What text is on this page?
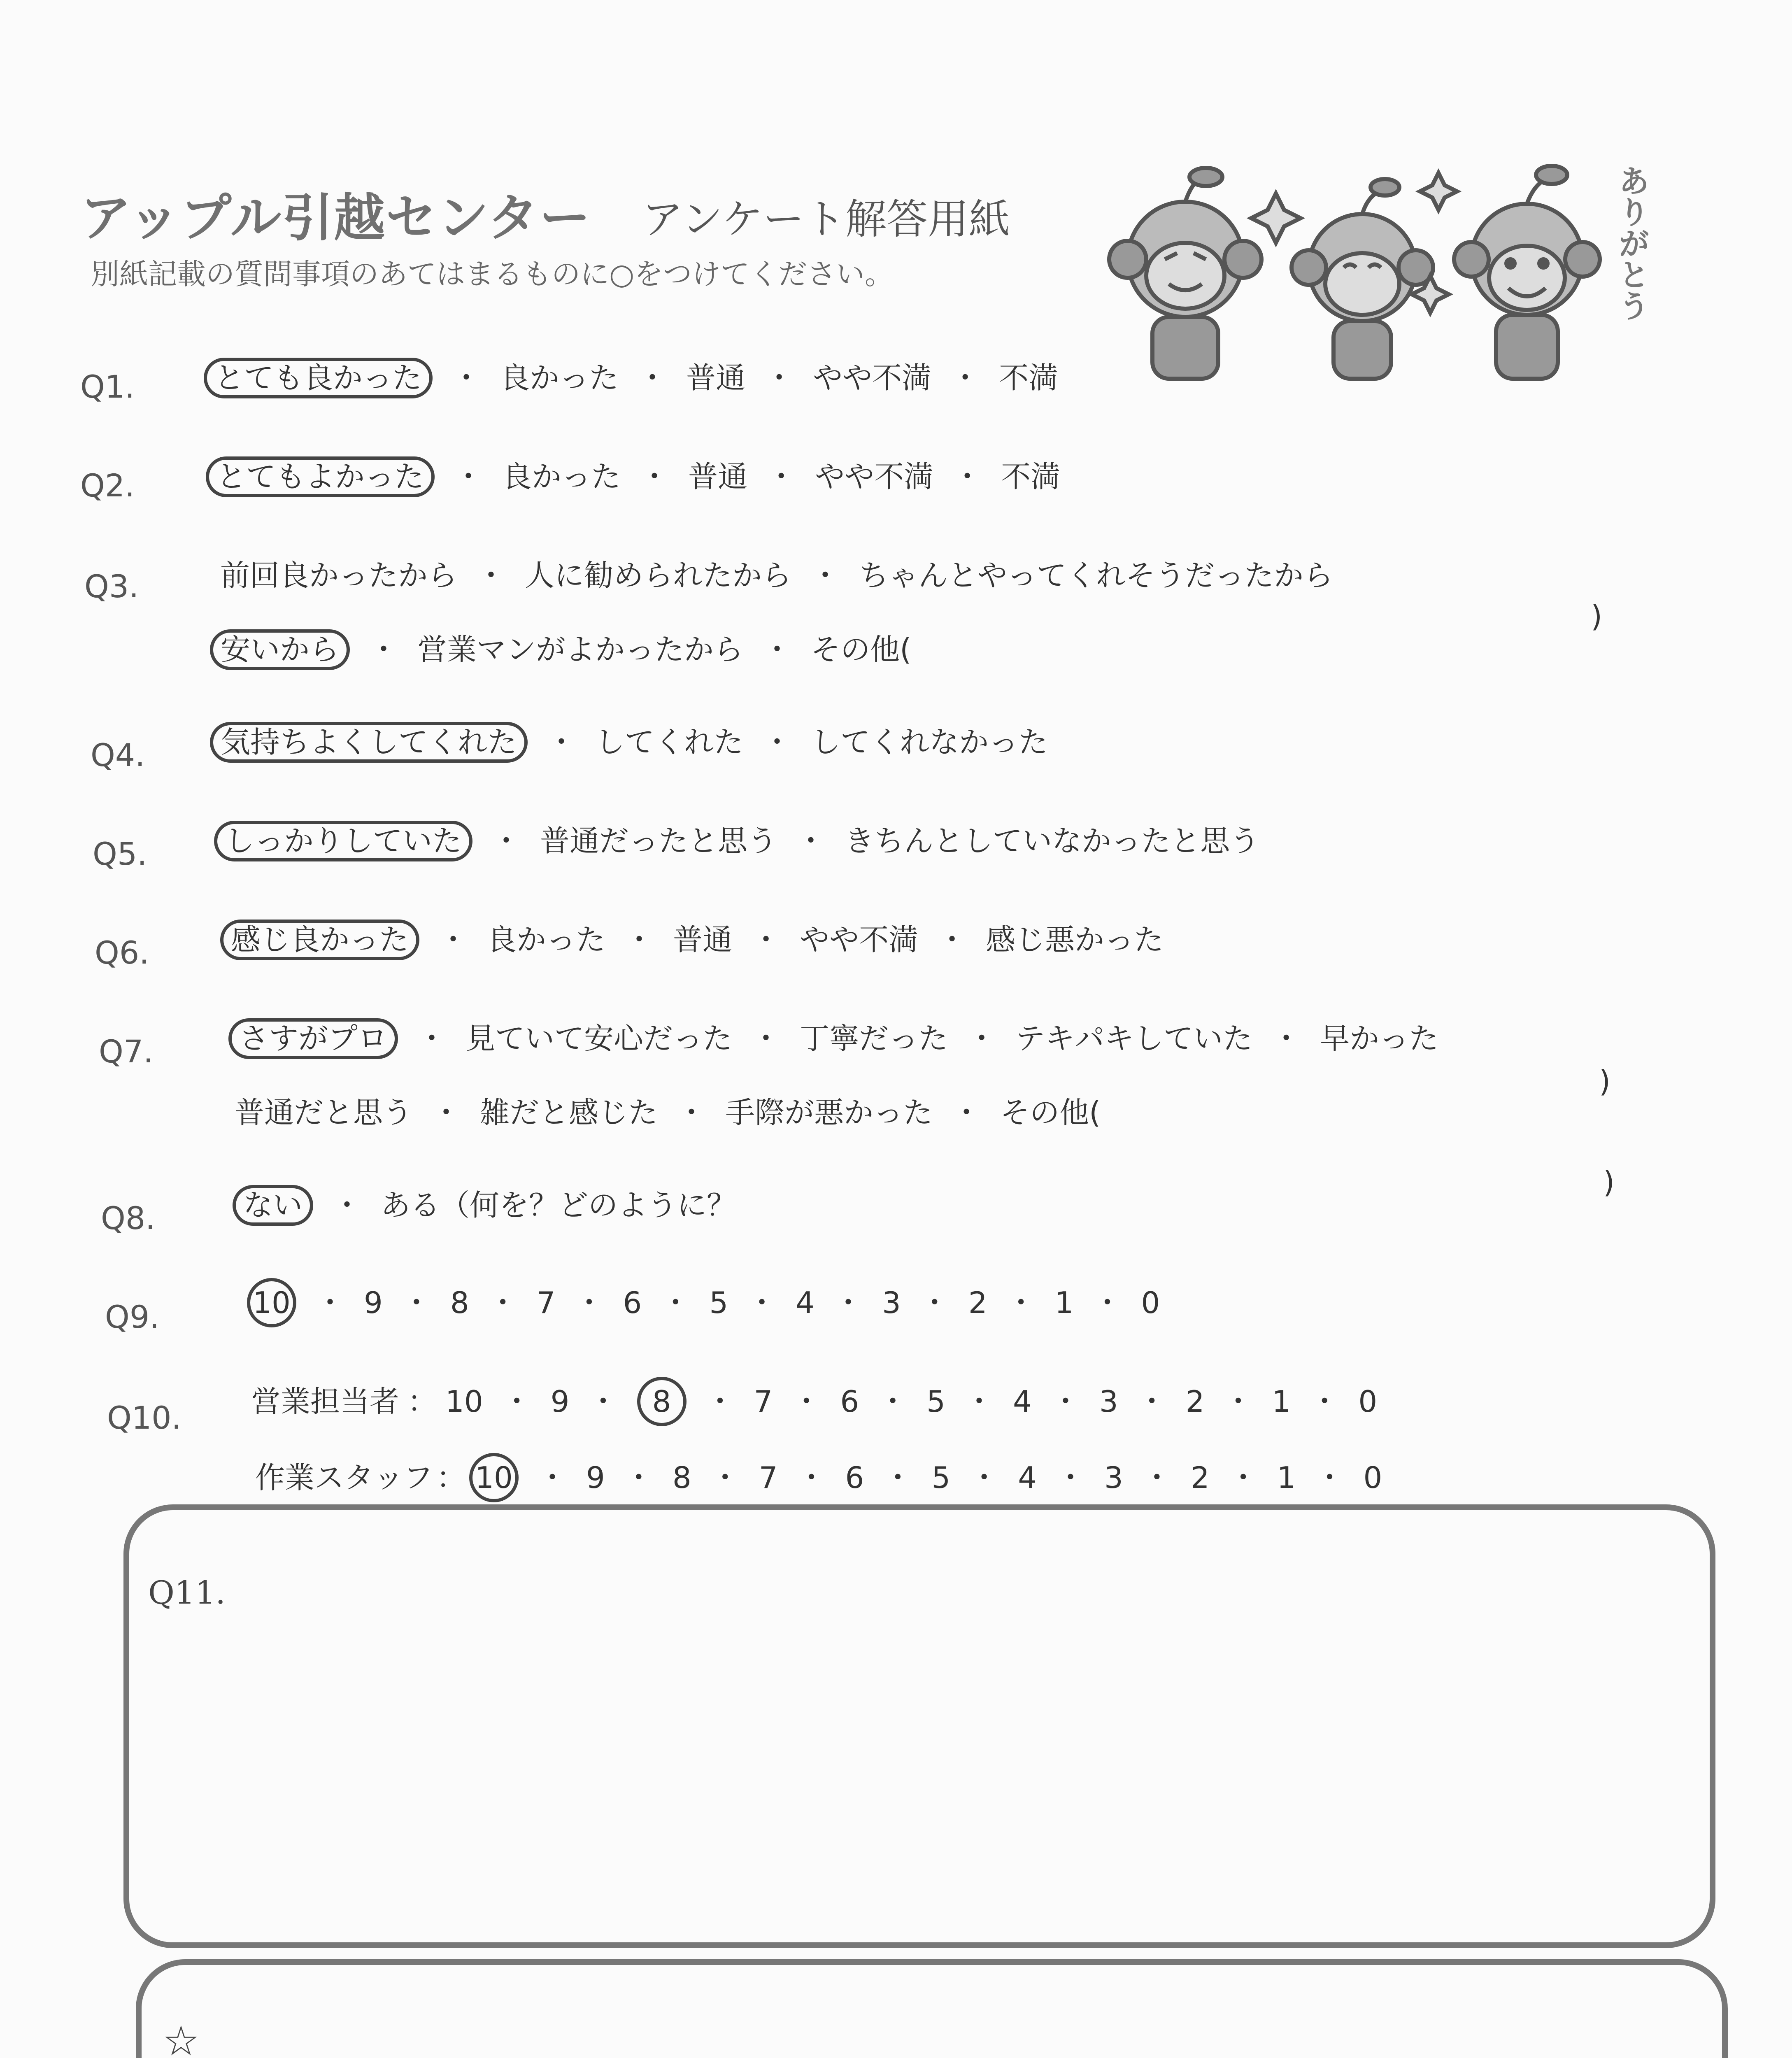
アップル引越センター アンケート解答用紙
別紙記載の質問事項のあてはまるものに○をつけてください。	ありがとう
Q1.	とても良かった ・ 良かった ・ 普通 ・ やや不満 ・ 不満
Q2.	とてもよかった ・ 良かった ・ 普通 ・ やや不満 ・ 不満
Q3.	前回良かったから ・ 人に勧められたから ・ ちゃんとやってくれそうだったから
安いから ・ 営業マンがよかったから ・ その他(
)
Q4.	気持ちよくしてくれた ・ してくれた ・ してくれなかった
Q5.	しっかりしていた ・ 普通だったと思う ・ きちんとしていなかったと思う
Q6.	感じ良かった ・ 良かった ・ 普通 ・ やや不満 ・ 感じ悪かった
Q7.	さすがプロ ・ 見ていて安心だった ・ 丁寧だった ・ テキパキしていた ・ 早かった
普通だと思う ・ 雑だと感じた ・ 手際が悪かった ・ その他(
)
Q8.	ない ・ ある（何を？どのように？
)
Q9.	10 ・ 9 ・ 8 ・ 7 ・ 6 ・ 5 ・ 4 ・ 3 ・ 2 ・ 1 ・ 0
Q10. 営業担当者 ： 10 ・ 9 ・ 8 ・ 7 ・ 6 ・ 5 ・ 4 ・ 3 ・ 2 ・ 1 ・ 0
作業スタッフ ： 10 ・ 9 ・ 8 ・ 7 ・ 6 ・ 5 ・ 4 ・ 3 ・ 2 ・ 1 ・ 0
Q11.
☆
